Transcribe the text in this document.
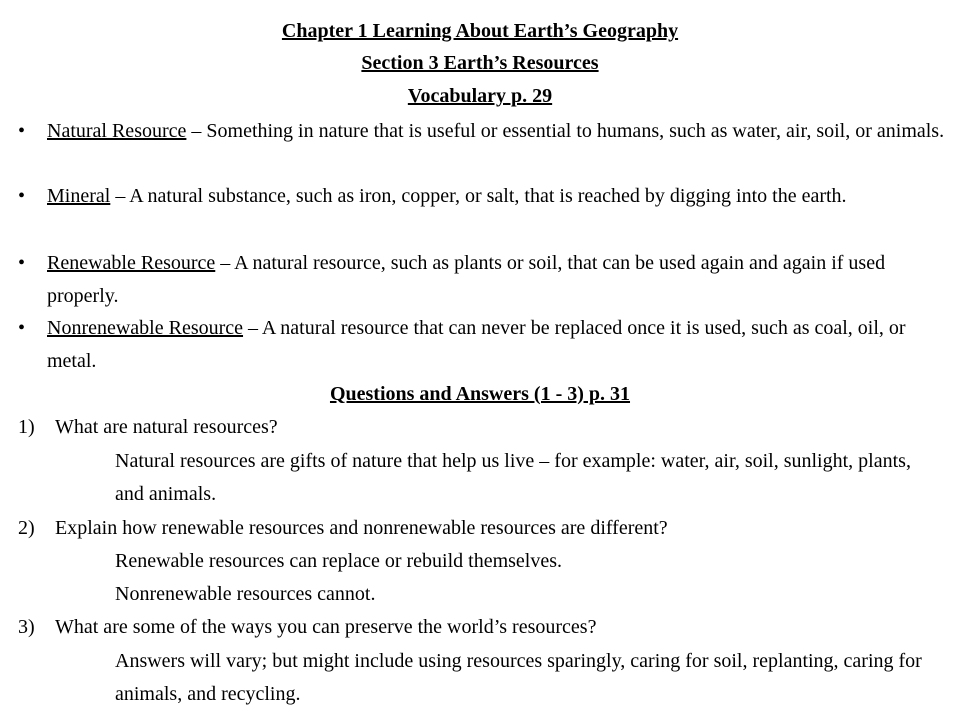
Chapter 1 Learning About Earth’s Geography
Section 3 Earth’s Resources
Vocabulary p. 29
• Natural Resource – Something in nature that is useful or essential to humans, such as water, air, soil, or animals.
• Mineral – A natural substance, such as iron, copper, or salt, that is reached by digging into the earth.
• Renewable Resource – A natural resource, such as plants or soil, that can be used again and again if used properly.
• Nonrenewable Resource – A natural resource that can never be replaced once it is used, such as coal, oil, or metal.
Questions and Answers (1 - 3) p. 31
1) What are natural resources?
Natural resources are gifts of nature that help us live – for example: water, air, soil, sunlight, plants, and animals.
2) Explain how renewable resources and nonrenewable resources are different?
Renewable resources can replace or rebuild themselves.
Nonrenewable resources cannot.
3) What are some of the ways you can preserve the world’s resources?
Answers will vary; but might include using resources sparingly, caring for soil, replanting, caring for animals, and recycling.
